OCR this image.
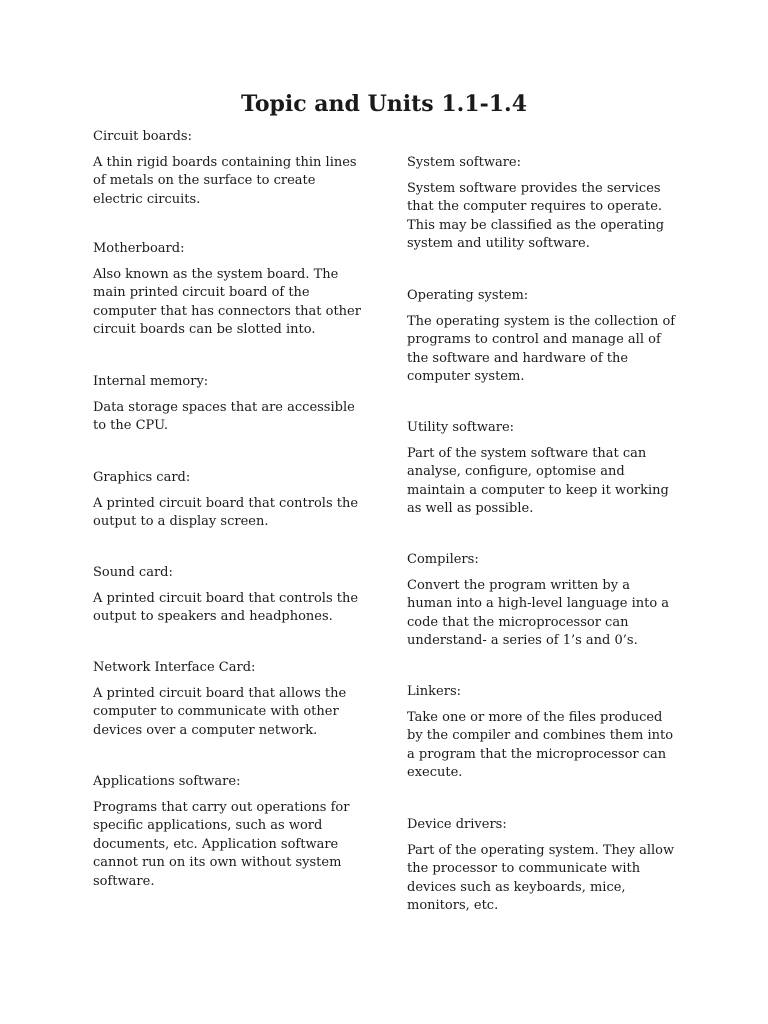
Topic and Units 1.1-1.4

Circuit boards:

A thin rigid boards containing thin lines
of metals on the surface to create
electric circuits.

Motherboard:

Also known as the system board. The
main printed circuit board of the
computer that has connectors that other
circuit boards can be slotted into.

Internal memory:

Data storage spaces that are accessible
to the CPU.

Graphics card:

A printed circuit board that controls the
output to a display screen.

Sound card:

A printed circuit board that controls the
output to speakers and headphones.

Network Interface Card:

A printed circuit board that allows the
computer to communicate with other
devices over a computer network.

Applications software:

Programs that carry out operations for
specific applications, such as word
documents, etc. Application software
cannot run on its own without system
software.

System software:

System software provides the services
that the computer requires to operate.
This may be classified as the operating
system and utility software.

Operating system:

The operating system is the collection of
programs to control and manage all of
the software and hardware of the
computer system.

Utility software:

Part of the system software that can
analyse, configure, optomise and
maintain a computer to keep it working
as well as possible.

Compilers:

Convert the program written by a
human into a high-level language into a
code that the microprocessor can
understand- a series of 1’s and 0’s.

Linkers:

Take one or more of the files produced
by the compiler and combines them into
a program that the microprocessor can
execute.

Device drivers:

Part of the operating system. They allow
the processor to communicate with
devices such as keyboards, mice,
monitors, etc.
